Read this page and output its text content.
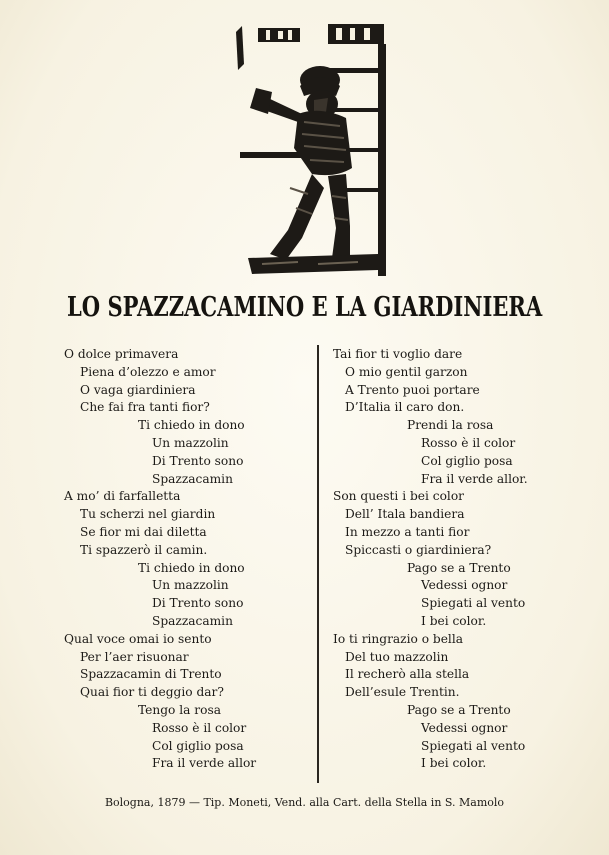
LO SPAZZACAMINO E LA GIARDINIERA
O dolce primavera
Piena d’olezzo e amor
O vaga giardiniera
Che fai fra tanti fior?
Ti chiedo in dono
Un mazzolin
Di Trento sono
Spazzacamin
A mo’ di farfalletta
Tu scherzi nel giardin
Se fior mi dai diletta
Ti spazzerò il camin.
Ti chiedo in dono
Un mazzolin
Di Trento sono
Spazzacamin
Qual voce omai io sento
Per l’aer risuonar
Spazzacamin di Trento
Quai fior ti deggio dar?
Tengo la rosa
Rosso è il color
Col giglio posa
Fra il verde allor
Tai fior ti voglio dare
O mio gentil garzon
A Trento puoi portare
D’Italia il caro don.
Prendi la rosa
Rosso è il color
Col giglio posa
Fra il verde allor.
Son questi i bei color
Dell’ Itala bandiera
In mezzo a tanti fior
Spiccasti o giardiniera?
Pago se a Trento
Vedessi ognor
Spiegati al vento
I bei color.
Io ti ringrazio o bella
Del tuo mazzolin
Il recherò alla stella
Dell’esule Trentin.
Pago se a Trento
Vedessi ognor
Spiegati al vento
I bei color.
Bologna, 1879 — Tip. Moneti, Vend. alla Cart. della Stella in S. Mamolo
